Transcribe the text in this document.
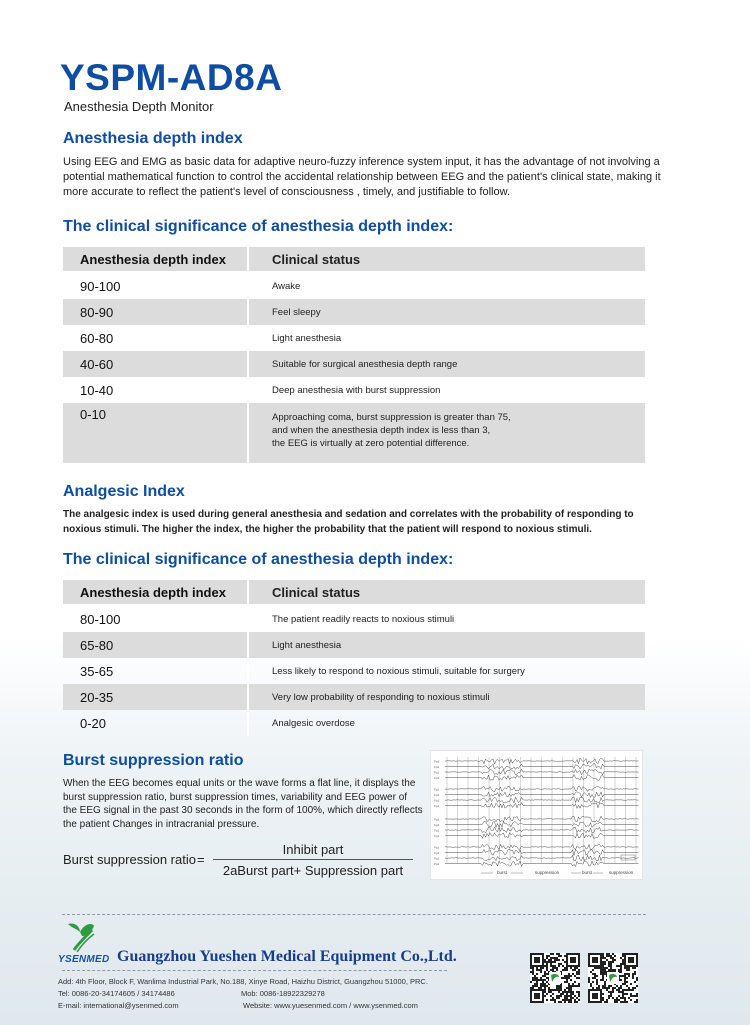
YSPM-AD8A
Anesthesia Depth Monitor
Anesthesia depth index
Using EEG and EMG as basic data for adaptive neuro-fuzzy inference system input, it has the advantage of not involving a potential mathematical function to control the accidental relationship between EEG and the patient's clinical state, making it more accurate to reflect the patient's level of consciousness , timely, and justifiable to follow.
The clinical significance of anesthesia depth index:
Anesthesia depth index	Clinical status
90-100	Awake
80-90	Feel sleepy
60-80	Light anesthesia
40-60	Suitable for surgical anesthesia depth range
10-40	Deep anesthesia with burst suppression
0-10	Approaching coma, burst suppression is greater than 75,
and when the anesthesia depth index is less than 3,
the EEG is virtually at zero potential difference.
Analgesic Index
The analgesic index is used during general anesthesia and sedation and correlates with the probability of responding to noxious stimuli. The higher the index, the higher the probability that the patient will respond to noxious stimuli.
The clinical significance of anesthesia depth index:
Anesthesia depth index	Clinical status
80-100	The patient readily reacts to noxious stimuli
65-80	Light anesthesia
35-65	Less likely to respond to noxious stimuli, suitable for surgery
20-35	Very low probability of responding to noxious stimuli
0-20	Analgesic overdose
Burst suppression ratio
When the EEG becomes equal units or the wave forms a flat line, it displays the
burst suppression ratio, burst suppression times, variability and EEG power of
the EEG signal in the past 30 seconds in the form of 100%, which directly reflects
the patient Changes in intracranial pressure.
Burst suppression ratio =
Inhibit part
2aBurst part+ Suppression part
Fp1
Fp1
Fp1
Fp1
Fp1
Fp1
Fp1
Fp1
Fp1
Fp1
Fp1
Fp1
Fp1
Fp1
Fp1
Fp1
burst	suppression	burst	suppression
YSENMED Guangzhou Yueshen Medical Equipment Co.,Ltd.
Add: 4th Floor, Block F, Wanlima Industrial Park, No.188, Xinye Road, Haizhu District, Guangzhou 51000, PRC.
Tel: 0086-20-34174605 / 34174486	Mob: 0086-18922329278
E-mail: international@ysenmed.com	Website: www.yuesenmed.com / www.ysenmed.com
